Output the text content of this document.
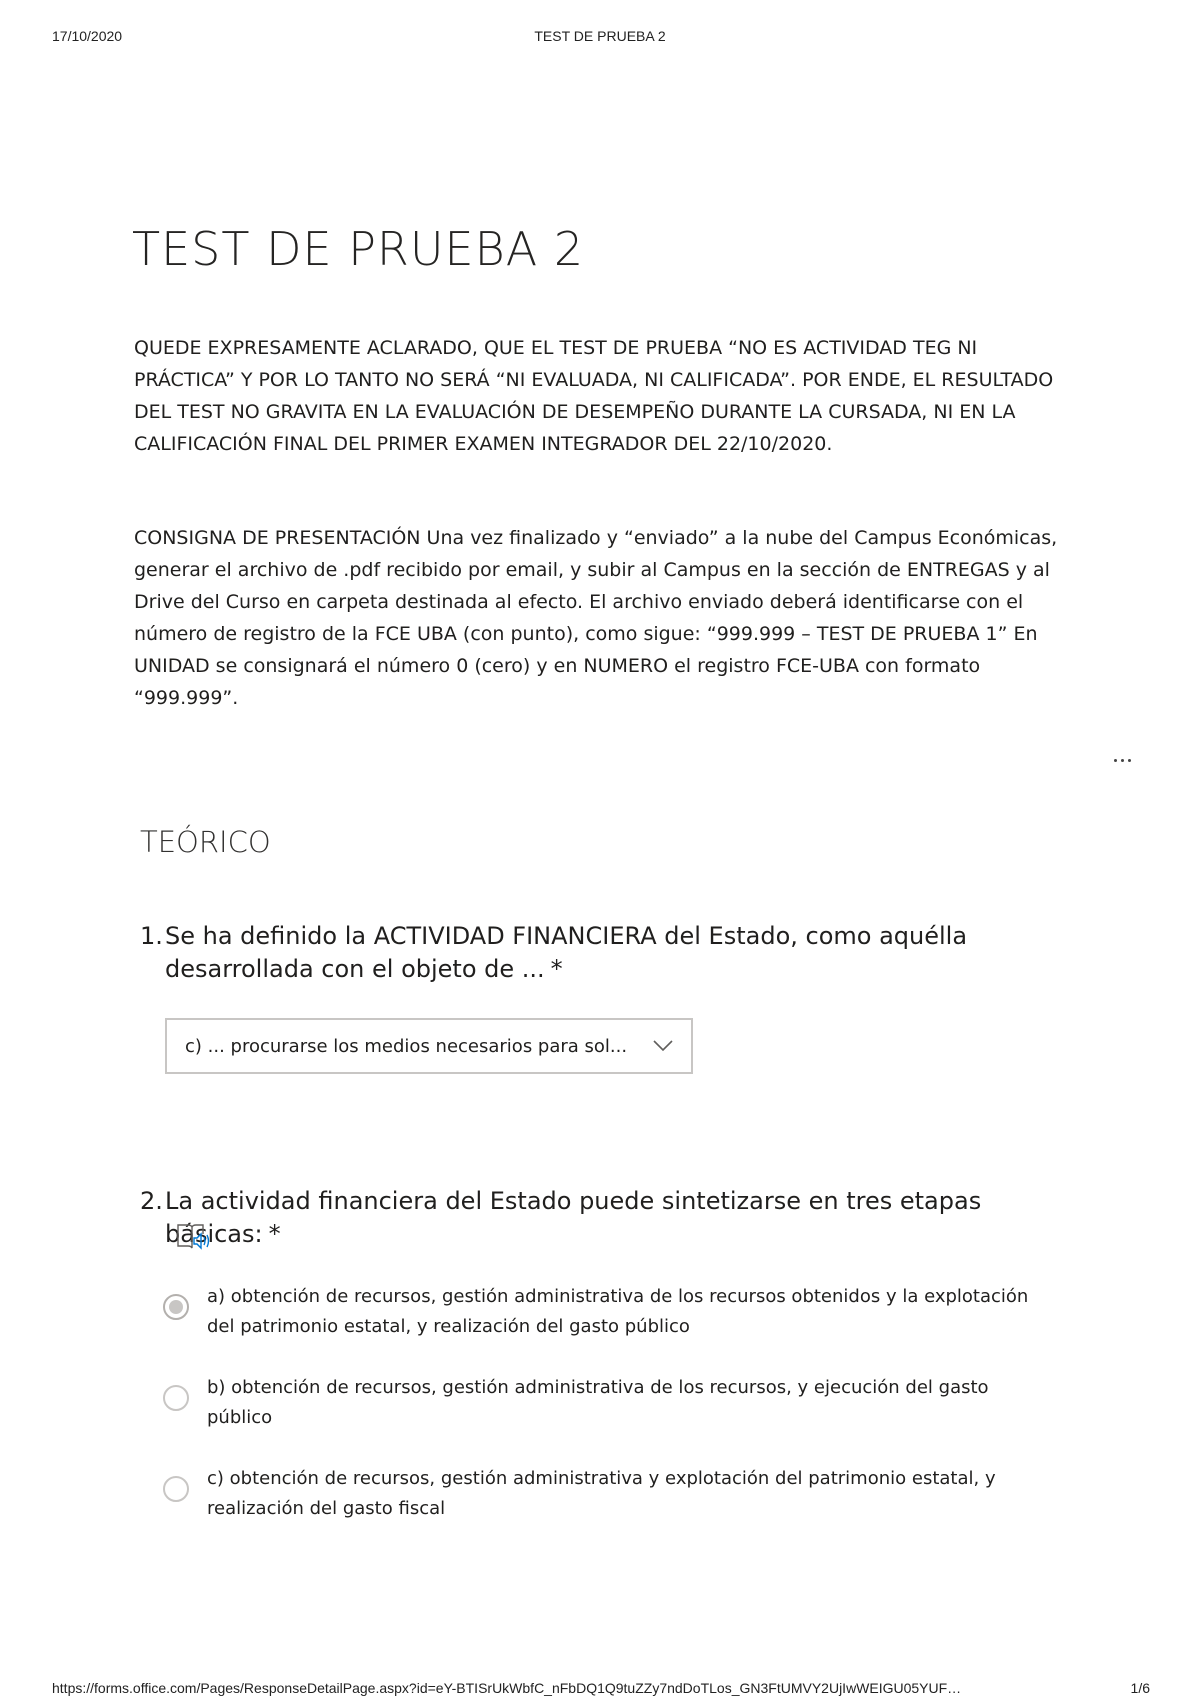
17/10/2020	TEST DE PRUEBA 2
TEST DE PRUEBA 2

QUEDE EXPRESAMENTE ACLARADO, QUE EL TEST DE PRUEBA “NO ES ACTIVIDAD TEG NI PRÁCTICA” Y POR LO TANTO NO SERÁ “NI EVALUADA, NI CALIFICADA”. POR ENDE, EL RESULTADO DEL TEST NO GRAVITA EN LA EVALUACIÓN DE DESEMPEÑO DURANTE LA CURSADA, NI EN LA CALIFICACIÓN FINAL DEL PRIMER EXAMEN INTEGRADOR DEL 22/10/2020.

CONSIGNA DE PRESENTACIÓN Una vez finalizado y “enviado” a la nube del Campus Económicas, generar el archivo de .pdf recibido por email, y subir al Campus en la sección de ENTREGAS y al Drive del Curso en carpeta destinada al efecto. El archivo enviado deberá identificarse con el número de registro de la FCE UBA (con punto), como sigue: “999.999 – TEST DE PRUEBA 1” En UNIDAD se consignará el número 0 (cero) y en NUMERO el registro FCE-UBA con formato “999.999”.

TEÓRICO
1. Se ha definido la ACTIVIDAD FINANCIERA del Estado, como aquélla desarrollada con el objeto de ... *
c) ... procurarse los medios necesarios para sol...
2. La actividad financiera del Estado puede sintetizarse en tres etapas básicas: *
a) obtención de recursos, gestión administrativa de los recursos obtenidos y la explotación del patrimonio estatal, y realización del gasto público
b) obtención de recursos, gestión administrativa de los recursos, y ejecución del gasto público
c) obtención de recursos, gestión administrativa y explotación del patrimonio estatal, y realización del gasto fiscal
https://forms.office.com/Pages/ResponseDetailPage.aspx?id=eY-BTISrUkWbfC_nFbDQ1Q9tuZZy7ndDoTLos_GN3FtUMVY2UjIwWEIGU05YUF…	1/6
